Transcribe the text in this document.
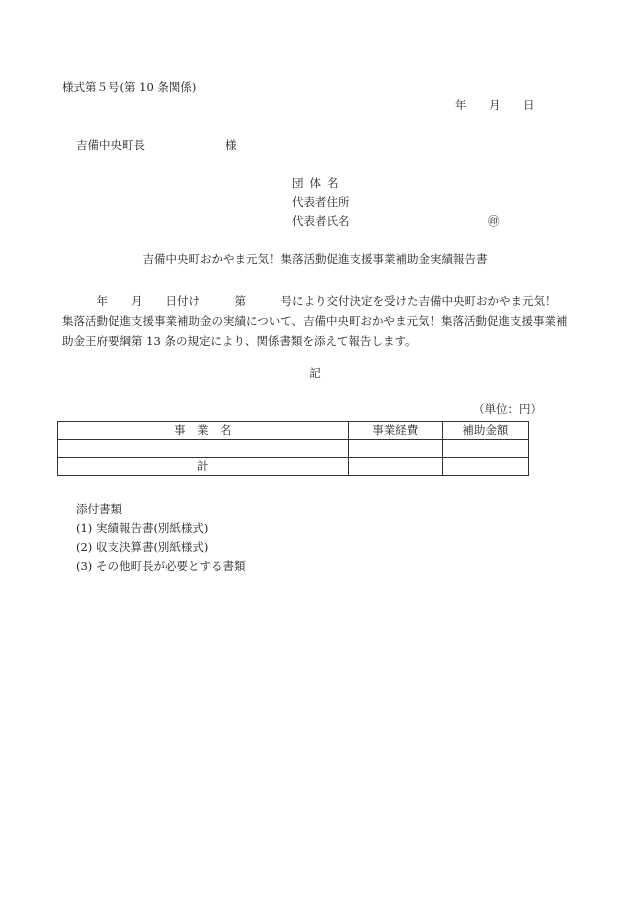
様式第５号(第 10 条関係)
年 月 日
吉備中央町長	様
団体名
代表者住所
代表者氏名	㊞
吉備中央町おかやま元気！集落活動促進支援事業補助金実績報告書
　　　年　　月　　日付け　　　第　　　号により交付決定を受けた吉備中央町おかやま元気！
集落活動促進支援事業補助金の実績について、吉備中央町おかやま元気！集落活動促進支援事業補
助金王府要綱第 13 条の規定により、関係書類を添えて報告します。
記
（単位：円）
事　業　名	事業経費	補助金額

計		
添付書類
(1) 実績報告書(別紙様式)
(2) 収支決算書(別紙様式)
(3) その他町長が必要とする書類
